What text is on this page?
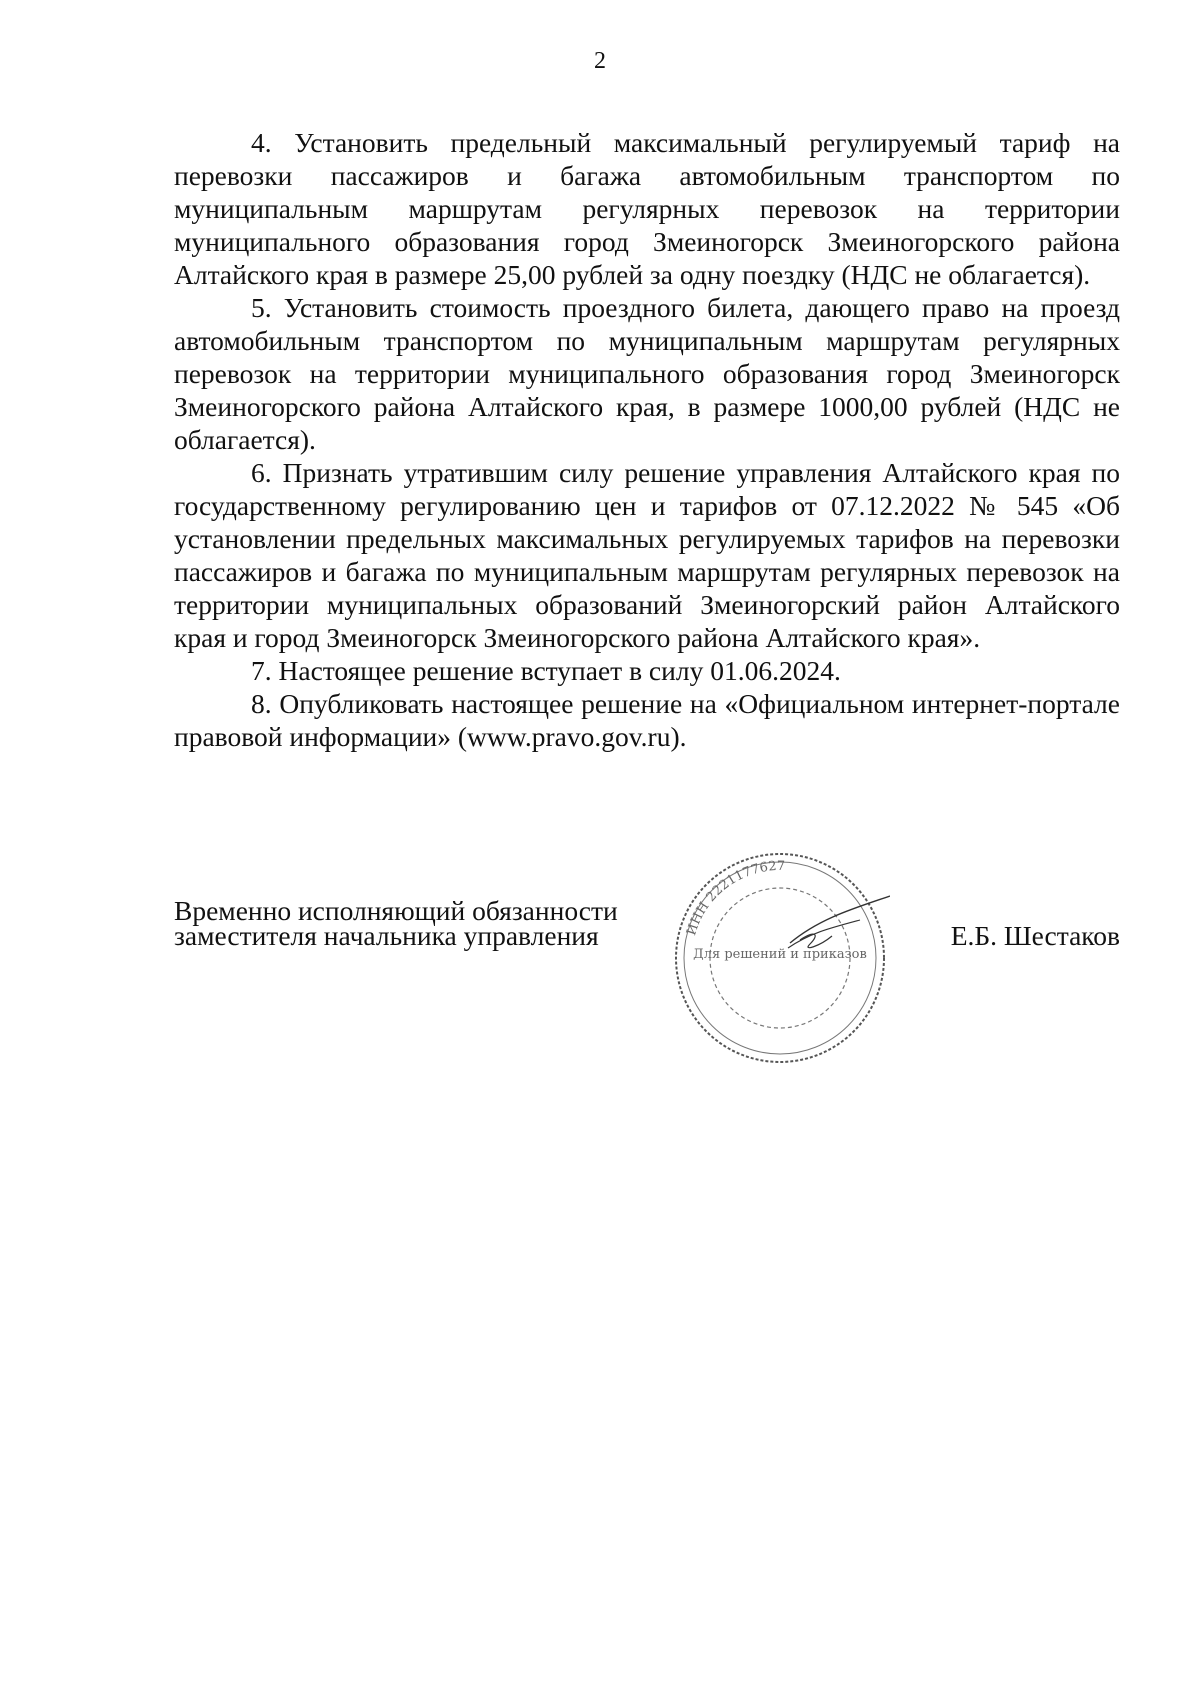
2

4. Установить предельный максимальный регулируемый тариф на перевозки пассажиров и багажа автомобильным транспортом по муниципальным маршрутам регулярных перевозок на территории муниципального образования город Змеиногорск Змеиногорского района Алтайского края в размере 25,00 рублей за одну поездку (НДС не облагается).

5. Установить стоимость проездного билета, дающего право на проезд автомобильным транспортом по муниципальным маршрутам регулярных перевозок на территории муниципального образования город Змеиногорск Змеиногорского района Алтайского края, в размере 1000,00 рублей (НДС не облагается).

6. Признать утратившим силу решение управления Алтайского края по государственному регулированию цен и тарифов от 07.12.2022 № 545 «Об установлении предельных максимальных регулируемых тарифов на перевозки пассажиров и багажа по муниципальным маршрутам регулярных перевозок на территории муниципальных образований Змеиногорский район Алтайского края и город Змеиногорск Змеиногорского района Алтайского края».

7. Настоящее решение вступает в силу 01.06.2024.

8. Опубликовать настоящее решение на «Официальном интернет-портале правовой информации» (www.pravo.gov.ru).

Временно исполняющий обязанности
заместителя начальника управления	ИНН 2221177627
Для решений и приказов
Е.Б. Шестаков
